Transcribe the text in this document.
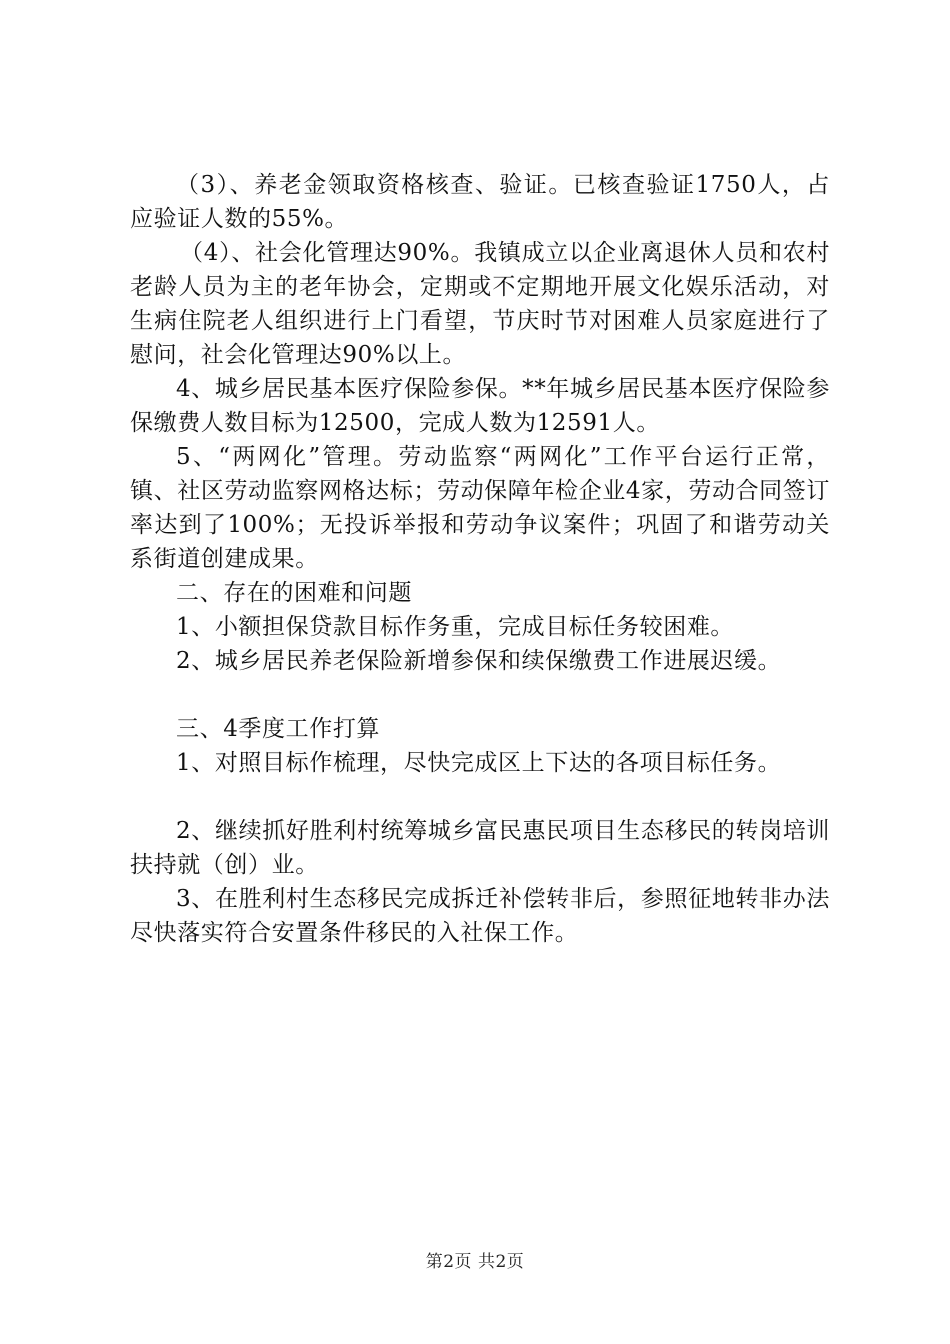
（3）、养老金领取资格核查、验证。已核查验证1750人，占应验证人数的55%。

（4）、社会化管理达90%。我镇成立以企业离退休人员和农村老龄人员为主的老年协会，定期或不定期地开展文化娱乐活动，对生病住院老人组织进行上门看望，节庆时节对困难人员家庭进行了慰问，社会化管理达90%以上。

4、城乡居民基本医疗保险参保。**年城乡居民基本医疗保险参保缴费人数目标为12500，完成人数为12591人。

5、“两网化”管理。劳动监察“两网化”工作平台运行正常，镇、社区劳动监察网格达标；劳动保障年检企业4家，劳动合同签订率达到了100%；无投诉举报和劳动争议案件；巩固了和谐劳动关系街道创建成果。

二、存在的困难和问题

1、小额担保贷款目标作务重，完成目标任务较困难。

2、城乡居民养老保险新增参保和续保缴费工作进展迟缓。

三、4季度工作打算

1、对照目标作梳理，尽快完成区上下达的各项目标任务。

2、继续抓好胜利村统筹城乡富民惠民项目生态移民的转岗培训扶持就（创）业。

3、在胜利村生态移民完成拆迁补偿转非后，参照征地转非办法尽快落实符合安置条件移民的入社保工作。

第2页 共2页
